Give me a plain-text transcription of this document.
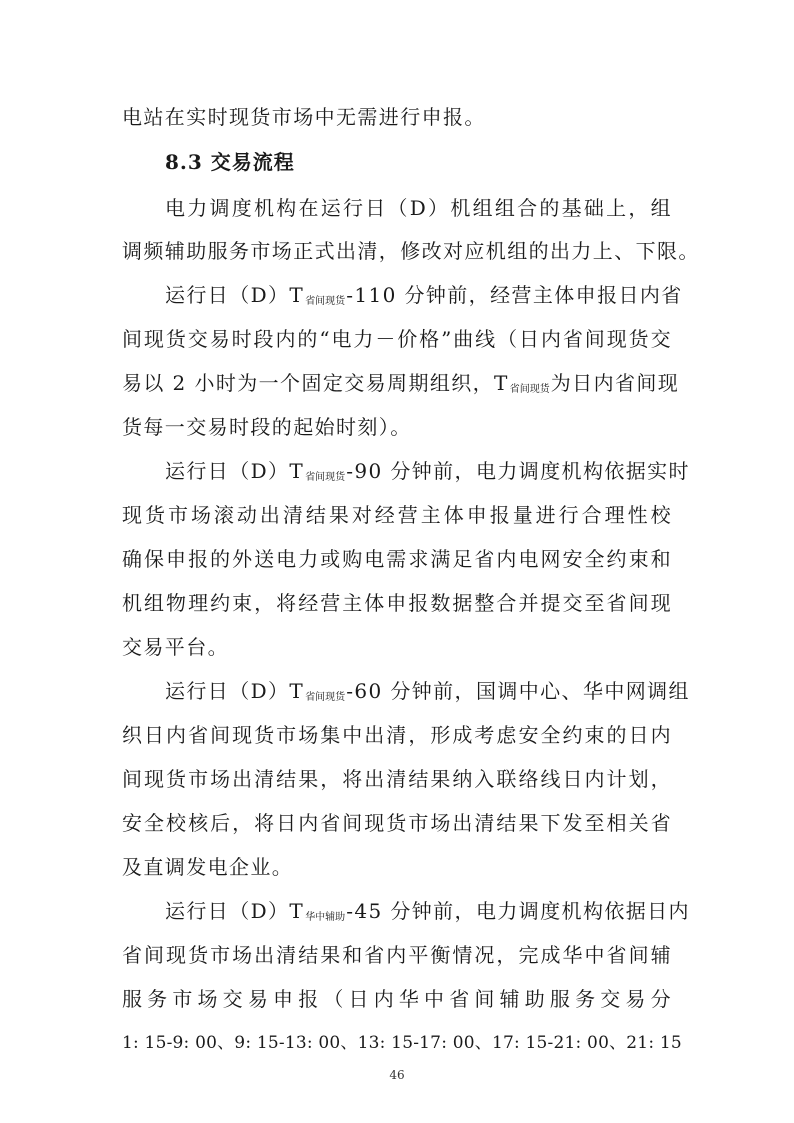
电站在实时现货市场中无需进行申报。
8.3 交易流程
电力调度机构在运行日（D）机组组合的基础上，组
调频辅助服务市场正式出清，修改对应机组的出力上、下限。
运行日$(D)T_{省间现货}-110$ 分钟前，经营主体申报日内省
间现货交易时段内的“电力－价格”曲线（日内省间现货交
易以 2 小时为一个固定交易周期组织，$T_{省间现货}$为日内省间现
货每一交易时段的起始时刻）。
运行日$(D)T_{省间现货}-90$ 分钟前，电力调度机构依据实时
现货市场滚动出清结果对经营主体申报量进行合理性校
确保申报的外送电力或购电需求满足省内电网安全约束和
机组物理约束，将经营主体申报数据整合并提交至省间现
交易平台。
运行日$(D)T_{省间现货}-60$ 分钟前，国调中心、华中网调组
织日内省间现货市场集中出清，形成考虑安全约束的日内
间现货市场出清结果，将出清结果纳入联络线日内计划，
安全校核后，将日内省间现货市场出清结果下发至相关省
及直调发电企业。
运行日$(D)T_{华中辅助}-45$ 分钟前，电力调度机构依据日内
省间现货市场出清结果和省内平衡情况，完成华中省间辅
服务市场交易申报（日内华中省间辅助服务交易分
1: 15-9: 00、9: 15-13: 00、13: 15-17: 00、17: 15-21: 00、21: 15
46
